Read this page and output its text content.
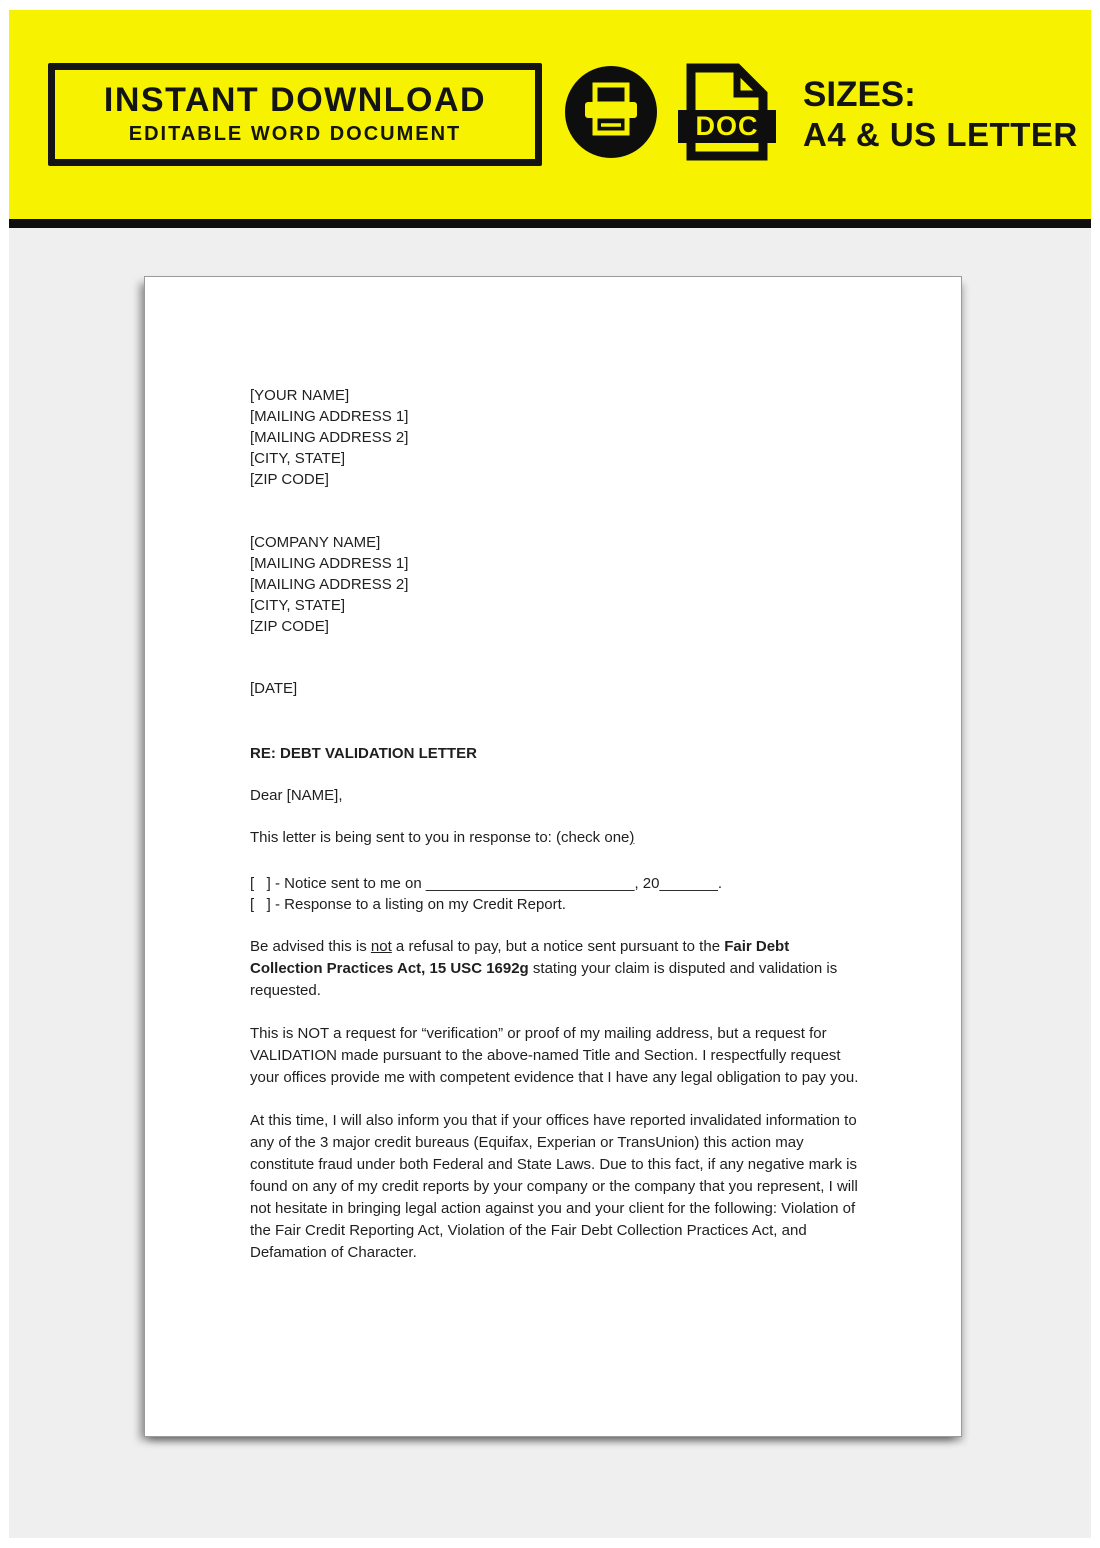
INSTANT DOWNLOAD
EDITABLE WORD DOCUMENT	DOC
SIZES:
A4 & US LETTER
[YOUR NAME]
[MAILING ADDRESS 1]
[MAILING ADDRESS 2]
[CITY, STATE]
[ZIP CODE]
[COMPANY NAME]
[MAILING ADDRESS 1]
[MAILING ADDRESS 2]
[CITY, STATE]
[ZIP CODE]
[DATE]
RE: DEBT VALIDATION LETTER
Dear [NAME],
This letter is being sent to you in response to: (check one)
[   ] - Notice sent to me on _________________________, 20_______.
[   ] - Response to a listing on my Credit Report.
Be advised this is not a refusal to pay, but a notice sent pursuant to the Fair Debt Collection Practices Act, 15 USC 1692g stating your claim is disputed and validation is requested.
This is NOT a request for “verification” or proof of my mailing address, but a request for VALIDATION made pursuant to the above-named Title and Section. I respectfully request your offices provide me with competent evidence that I have any legal obligation to pay you.
At this time, I will also inform you that if your offices have reported invalidated information to any of the 3 major credit bureaus (Equifax, Experian or TransUnion) this action may constitute fraud under both Federal and State Laws. Due to this fact, if any negative mark is found on any of my credit reports by your company or the company that you represent, I will not hesitate in bringing legal action against you and your client for the following: Violation of the Fair Credit Reporting Act, Violation of the Fair Debt Collection Practices Act, and Defamation of Character.
